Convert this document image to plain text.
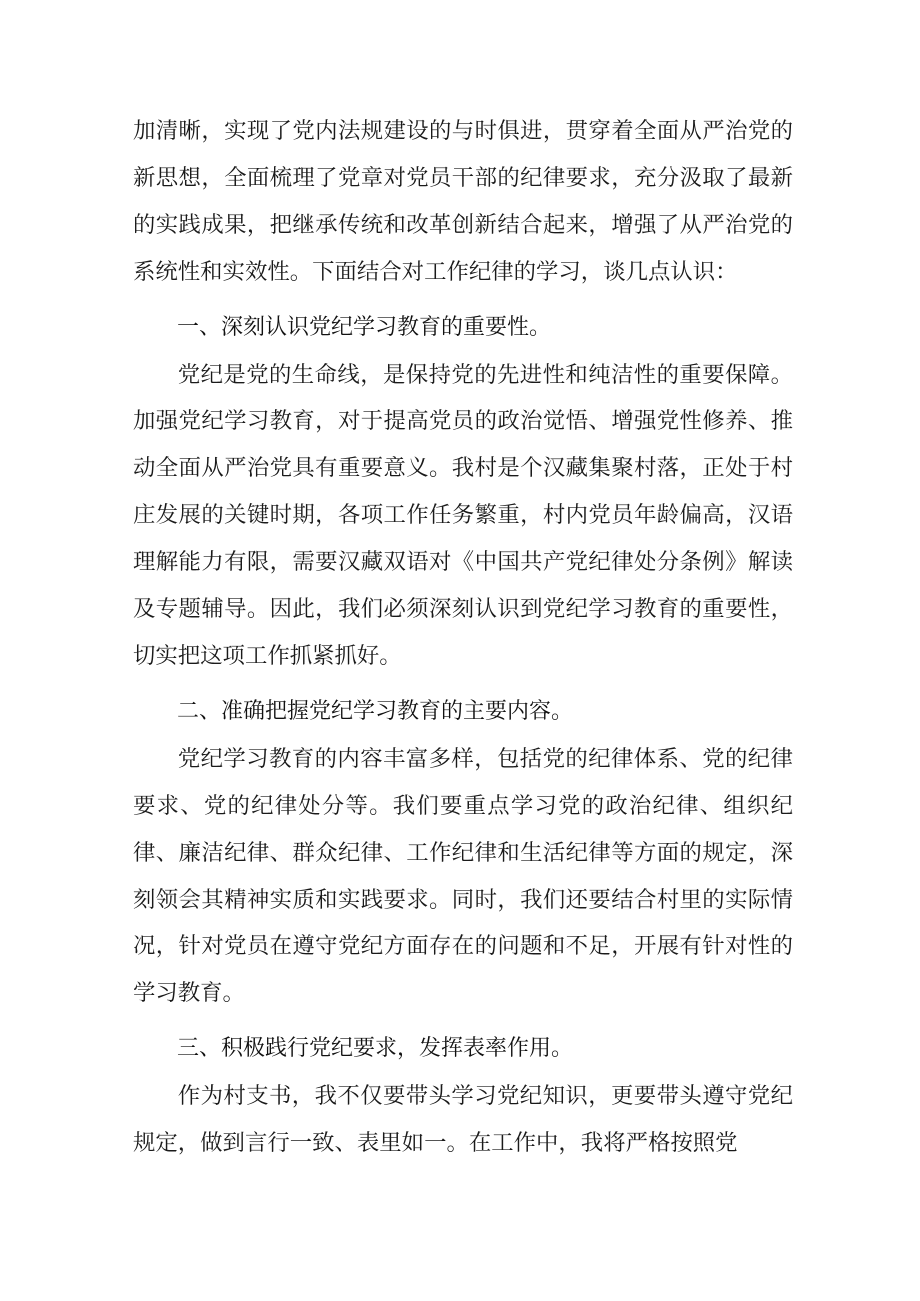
加清晰，实现了党内法规建设的与时俱进，贯穿着全面从严治党的新思想，全面梳理了党章对党员干部的纪律要求，充分汲取了最新的实践成果，把继承传统和改革创新结合起来，增强了从严治党的系统性和实效性。下面结合对工作纪律的学习，谈几点认识：

一、深刻认识党纪学习教育的重要性。

党纪是党的生命线，是保持党的先进性和纯洁性的重要保障。加强党纪学习教育，对于提高党员的政治觉悟、增强党性修养、推动全面从严治党具有重要意义。我村是个汉藏集聚村落，正处于村庄发展的关键时期，各项工作任务繁重，村内党员年龄偏高，汉语理解能力有限，需要汉藏双语对《中国共产党纪律处分条例》解读及专题辅导。因此，我们必须深刻认识到党纪学习教育的重要性，切实把这项工作抓紧抓好。

二、准确把握党纪学习教育的主要内容。

党纪学习教育的内容丰富多样，包括党的纪律体系、党的纪律要求、党的纪律处分等。我们要重点学习党的政治纪律、组织纪律、廉洁纪律、群众纪律、工作纪律和生活纪律等方面的规定，深刻领会其精神实质和实践要求。同时，我们还要结合村里的实际情况，针对党员在遵守党纪方面存在的问题和不足，开展有针对性的学习教育。

三、积极践行党纪要求，发挥表率作用。

作为村支书，我不仅要带头学习党纪知识，更要带头遵守党纪规定，做到言行一致、表里如一。在工作中，我将严格按照党
